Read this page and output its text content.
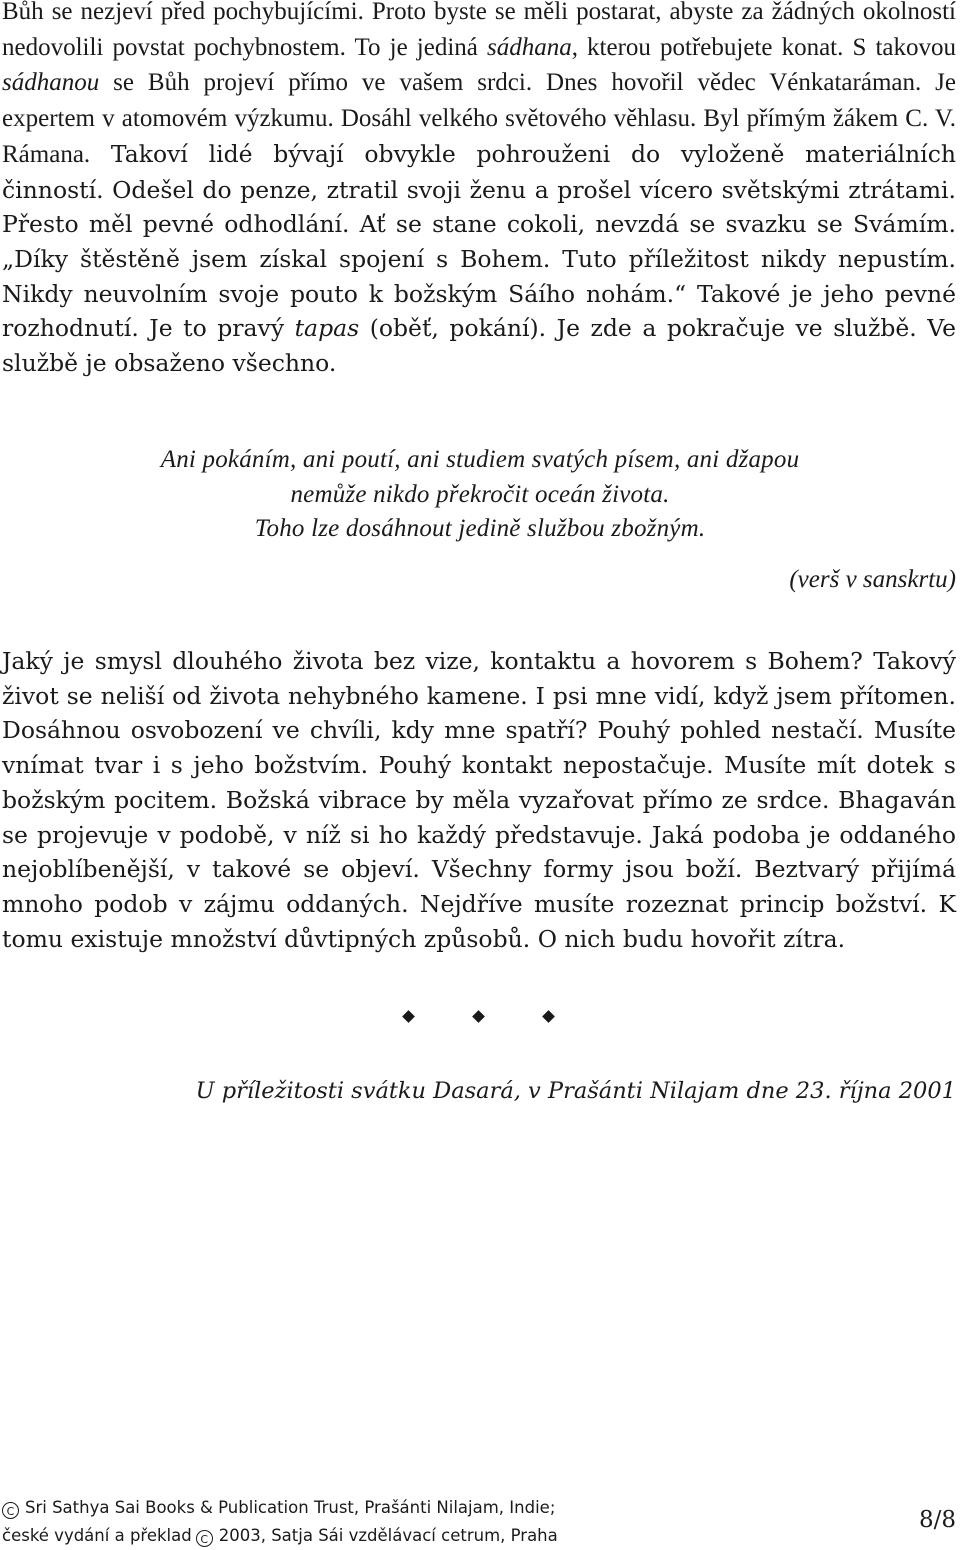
Bůh se nezjeví před pochybujícími. Proto byste se měli postarat, abyste za žádných okolností nedovolili povstat pochybnostem. To je jediná sádhana, kterou potřebujete konat. S takovou sádhanou se Bůh projeví přímo ve vašem srdci. Dnes hovořil vědec Vénkataráman. Je expertem v atomovém výzkumu. Dosáhl velkého světového věhlasu. Byl přímým žákem C. V. Rámana. Takoví lidé bývají obvykle pohrouženi do vyloženě materiálních činností. Odešel do penze, ztratil svoji ženu a prošel vícero světskými ztrátami. Přesto měl pevné odhodlání. Ať se stane cokoli, nevzdá se svazku se Svámím. „Díky štěstěně jsem získal spojení s Bohem. Tuto příležitost nikdy nepustím. Nikdy neuvolním svoje pouto k božským Sáího nohám.“ Takové je jeho pevné rozhodnutí. Je to pravý tapas (oběť, pokání). Je zde a pokračuje ve službě. Ve službě je obsaženo všechno.

Ani pokáním, ani poutí, ani studiem svatých písem, ani džapou
nemůže nikdo překročit oceán života.
Toho lze dosáhnout jedině službou zbožným.
(verš v sanskrtu)

Jaký je smysl dlouhého života bez vize, kontaktu a hovorem s Bohem? Takový život se neliší od života nehybného kamene. I psi mne vidí, když jsem přítomen. Dosáhnou osvobození ve chvíli, kdy mne spatří? Pouhý pohled nestačí. Musíte vnímat tvar i s jeho božstvím. Pouhý kontakt nepostačuje. Musíte mít dotek s božským pocitem. Božská vibrace by měla vyzařovat přímo ze srdce. Bhagaván se projevuje v podobě, v níž si ho každý představuje. Jaká podoba je oddaného nejoblíbenější, v takové se objeví. Všechny formy jsou boží. Beztvarý přijímá mnoho podob v zájmu oddaných. Nejdříve musíte rozeznat princip božství. K tomu existuje množství důvtipných způsobů. O nich budu hovořit zítra.

U příležitosti svátku Dasará, v Prašánti Nilajam dne 23. října 2001
C Sri Sathya Sai Books & Publication Trust, Prašánti Nilajam, Indie;
české vydání a překlad C 2003, Satja Sái vzdělávací cetrum, Praha
8/8
